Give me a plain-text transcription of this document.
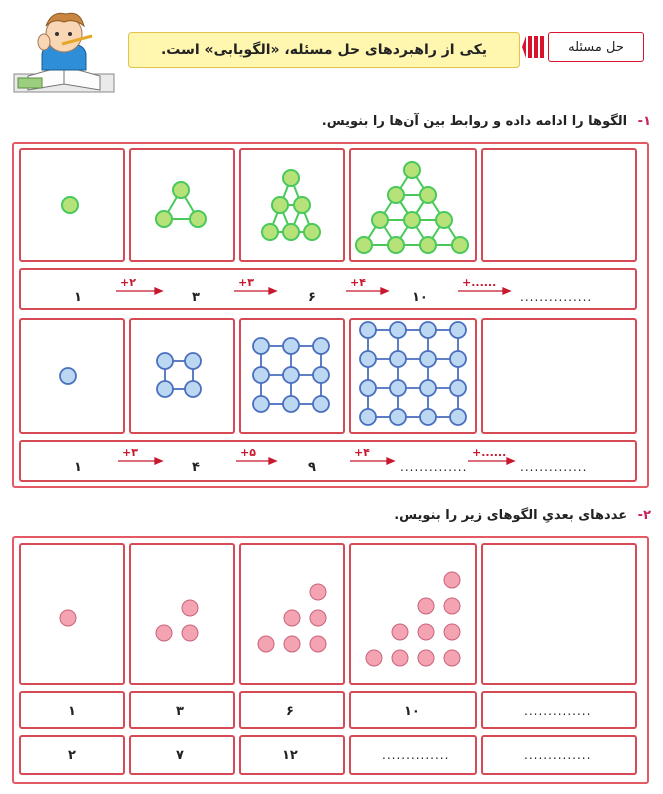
حل مسئله
یکی از راهبردهای حل مسئله، «الگویابی» است.
۱- الگوها را ادامه داده و روابط بین آن‌ها را بنویس.
۱	۳	۶	۱۰	...............
+۲	+۳	+۴	+......
۱	۴	۹	..............	..............
+۳	+۵	+۴	+......
۲- عددهای بعدیِ الگوهای زیر را بنویس.
۱	۳	۶	۱۰	..............
۲	۷	۱۲	..............	..............
